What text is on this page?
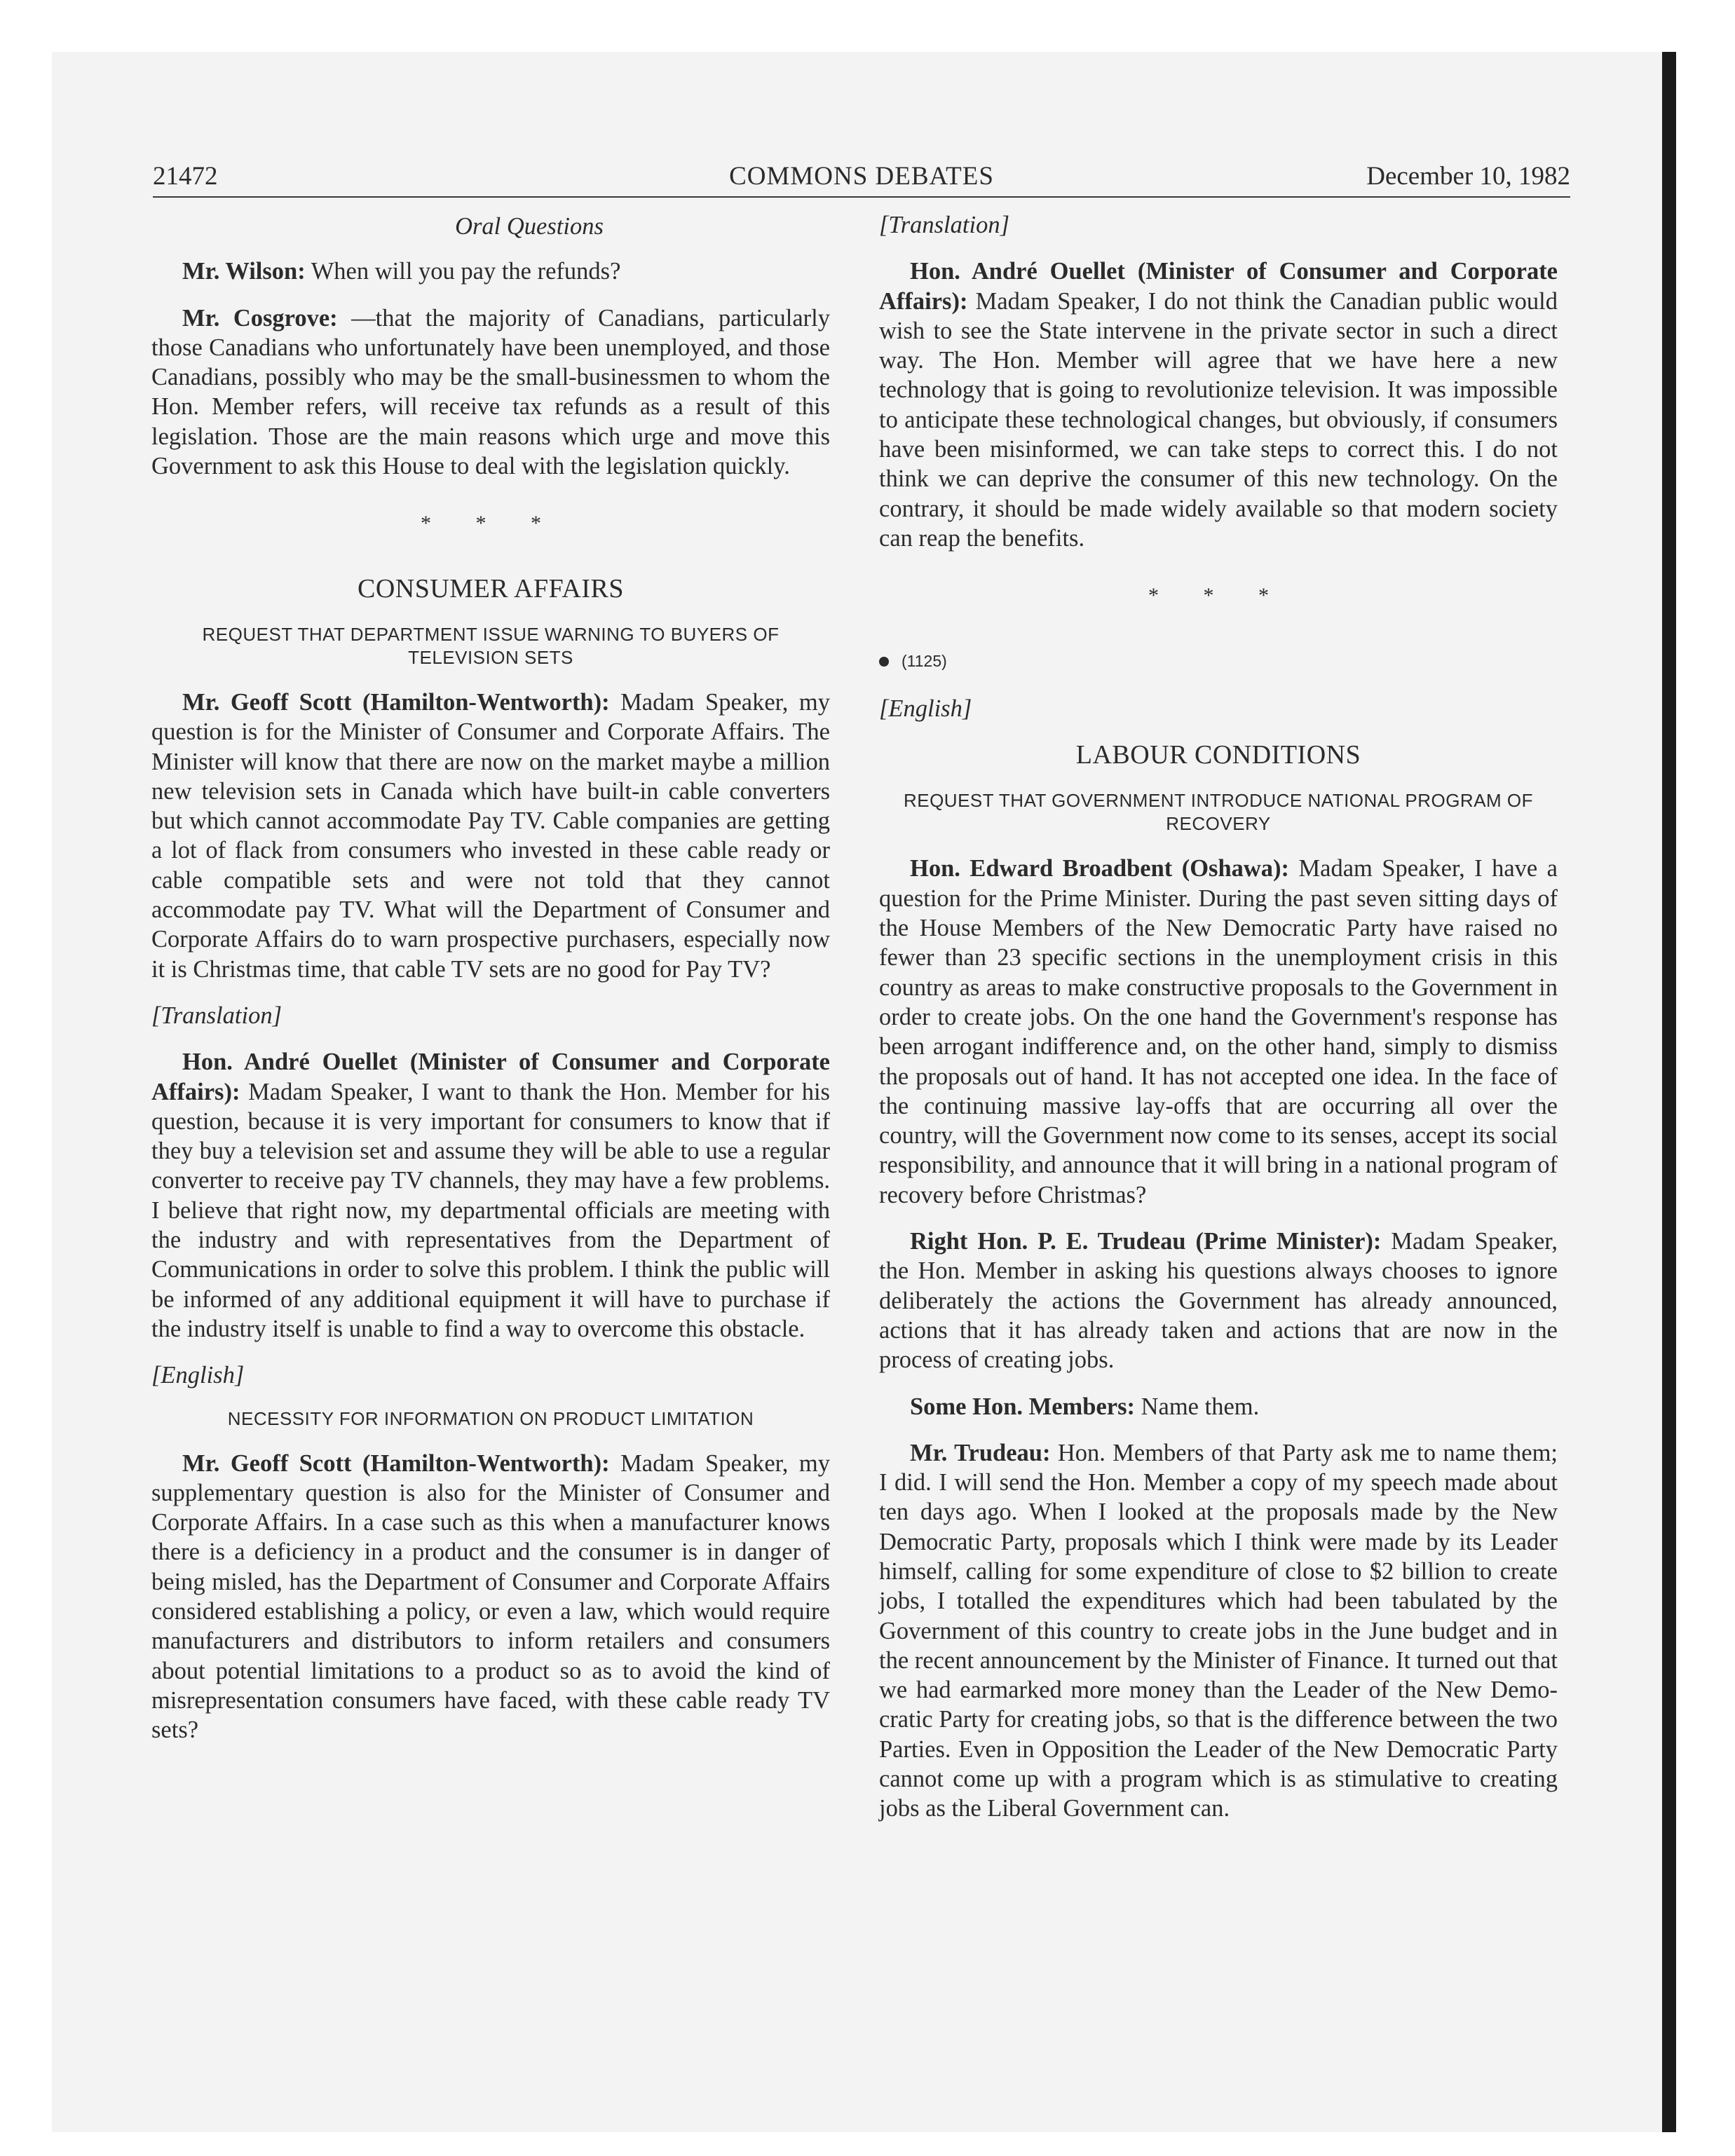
21472	COMMONS DEBATES	December 10, 1982
Oral Questions

Mr. Wilson: When will you pay the refunds?

Mr. Cosgrove: —that the majority of Canadians, particularly those Canadians who unfortunately have been unemployed, and those Canadians, possibly who may be the small-businessmen to whom the Hon. Member refers, will receive tax refunds as a result of this legislation. Those are the main reasons which urge and move this Government to ask this House to deal with the legislation quickly.

* * *
CONSUMER AFFAIRS
REQUEST THAT DEPARTMENT ISSUE WARNING TO BUYERS OF TELEVISION SETS

Mr. Geoff Scott (Hamilton-Wentworth): Madam Speaker, my question is for the Minister of Consumer and Corporate Affairs. The Minister will know that there are now on the market maybe a million new television sets in Canada which have built-in cable converters but which cannot accommodate Pay TV. Cable companies are getting a lot of flack from consumers who invested in these cable ready or cable compatible sets and were not told that they cannot accommodate pay TV. What will the Department of Consumer and Corporate Affairs do to warn prospective purchasers, especially now it is Christmas time, that cable TV sets are no good for Pay TV?

[Translation]

Hon. André Ouellet (Minister of Consumer and Corporate Affairs): Madam Speaker, I want to thank the Hon. Member for his question, because it is very important for consumers to know that if they buy a television set and assume they will be able to use a regular converter to receive pay TV channels, they may have a few problems. I believe that right now, my departmental officials are meeting with the industry and with representatives from the Department of Communications in order to solve this problem. I think the public will be informed of any additional equipment it will have to purchase if the industry itself is unable to find a way to overcome this obstacle.

[English]
NECESSITY FOR INFORMATION ON PRODUCT LIMITATION

Mr. Geoff Scott (Hamilton-Wentworth): Madam Speaker, my supplementary question is also for the Minister of Consumer and Corporate Affairs. In a case such as this when a manufacturer knows there is a deficiency in a product and the consumer is in danger of being misled, has the Department of Consumer and Corporate Affairs considered establishing a policy, or even a law, which would require manufacturers and distributors to inform retailers and consumers about potential limitations to a product so as to avoid the kind of misrepresentation consumers have faced, with these cable ready TV sets?

[Translation]

Hon. André Ouellet (Minister of Consumer and Corporate Affairs): Madam Speaker, I do not think the Canadian public would wish to see the State intervene in the private sector in such a direct way. The Hon. Member will agree that we have here a new technology that is going to revolutionize television. It was impossible to anticipate these technological changes, but obviously, if consumers have been misinformed, we can take steps to correct this. I do not think we can deprive the consumer of this new technology. On the contrary, it should be made widely available so that modern society can reap the benefits.

* * *
(1125)
[English]
LABOUR CONDITIONS
REQUEST THAT GOVERNMENT INTRODUCE NATIONAL PROGRAM OF RECOVERY

Hon. Edward Broadbent (Oshawa): Madam Speaker, I have a question for the Prime Minister. During the past seven sitting days of the House Members of the New Democratic Party have raised no fewer than 23 specific sections in the unemployment crisis in this country as areas to make constructive proposals to the Government in order to create jobs. On the one hand the Government's response has been arrogant indifference and, on the other hand, simply to dismiss the proposals out of hand. It has not accepted one idea. In the face of the continuing massive lay-offs that are occurring all over the country, will the Government now come to its senses, accept its social responsibility, and announce that it will bring in a national program of recovery before Christmas?

Right Hon. P. E. Trudeau (Prime Minister): Madam Speaker, the Hon. Member in asking his questions always chooses to ignore deliberately the actions the Government has already announced, actions that it has already taken and actions that are now in the process of creating jobs.

Some Hon. Members: Name them.

Mr. Trudeau: Hon. Members of that Party ask me to name them; I did. I will send the Hon. Member a copy of my speech made about ten days ago. When I looked at the proposals made by the New Democratic Party, proposals which I think were made by its Leader himself, calling for some expenditure of close to $2 billion to create jobs, I totalled the expenditures which had been tabulated by the Government of this country to create jobs in the June budget and in the recent announcement by the Minister of Finance. It turned out that we had earmarked more money than the Leader of the New Democratic Party for creating jobs, so that is the difference between the two Parties. Even in Opposition the Leader of the New Democratic Party cannot come up with a program which is as stimulative to creating jobs as the Liberal Government can.
